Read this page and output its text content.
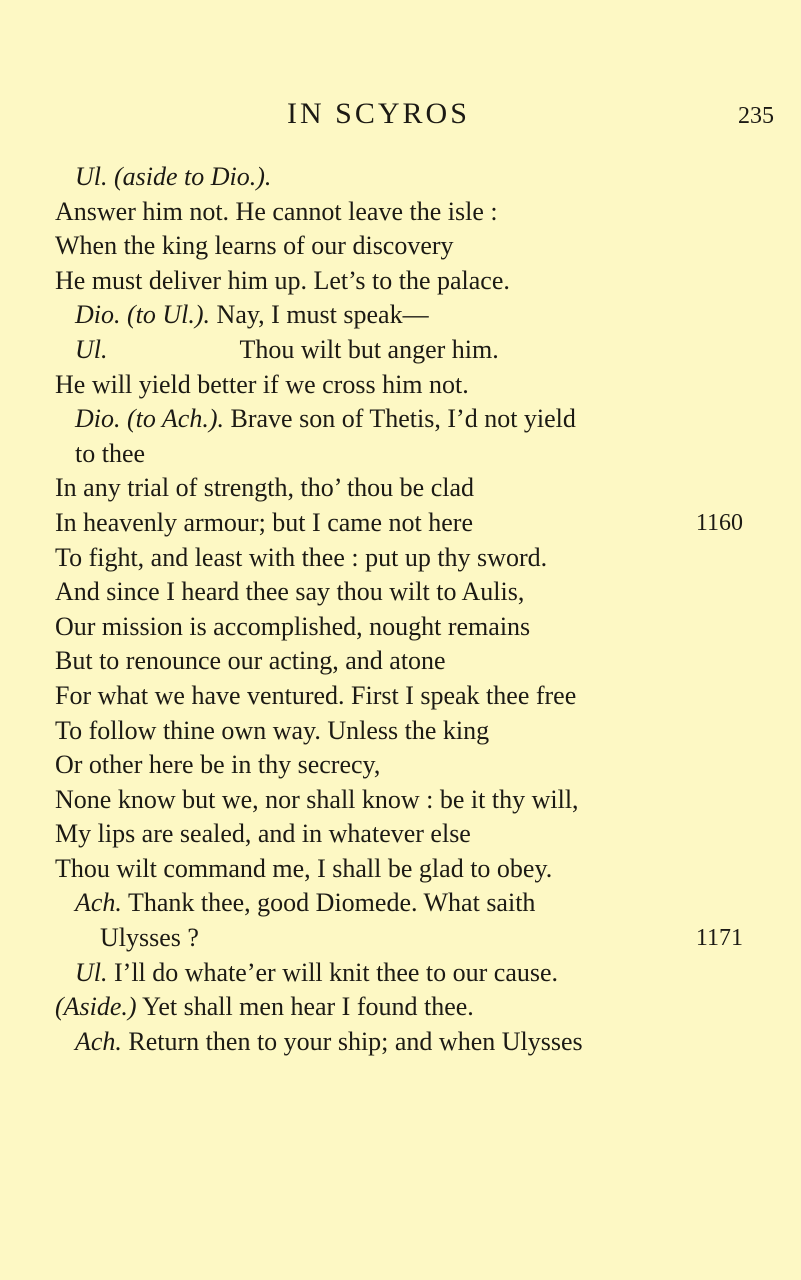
IN SCYROS	235
Ul. (aside to Dio.).
Answer him not. He cannot leave the isle :
When the king learns of our discovery
He must deliver him up. Let’s to the palace.
Dio. (to Ul.). Nay, I must speak—
Ul.	Thou wilt but anger him.
He will yield better if we cross him not.
Dio. (to Ach.). Brave son of Thetis, I’d not yield
to thee
In any trial of strength, tho’ thou be clad
In heavenly armour; but I came not here	1160
To fight, and least with thee : put up thy sword.
And since I heard thee say thou wilt to Aulis,
Our mission is accomplished, nought remains
But to renounce our acting, and atone
For what we have ventured. First I speak thee free
To follow thine own way. Unless the king
Or other here be in thy secrecy,
None know but we, nor shall know : be it thy will,
My lips are sealed, and in whatever else
Thou wilt command me, I shall be glad to obey.
Ach. Thank thee, good Diomede. What saith
Ulysses ?	1171
Ul. I’ll do whate’er will knit thee to our cause.
(Aside.) Yet shall men hear I found thee.
Ach. Return then to your ship; and when Ulysses
